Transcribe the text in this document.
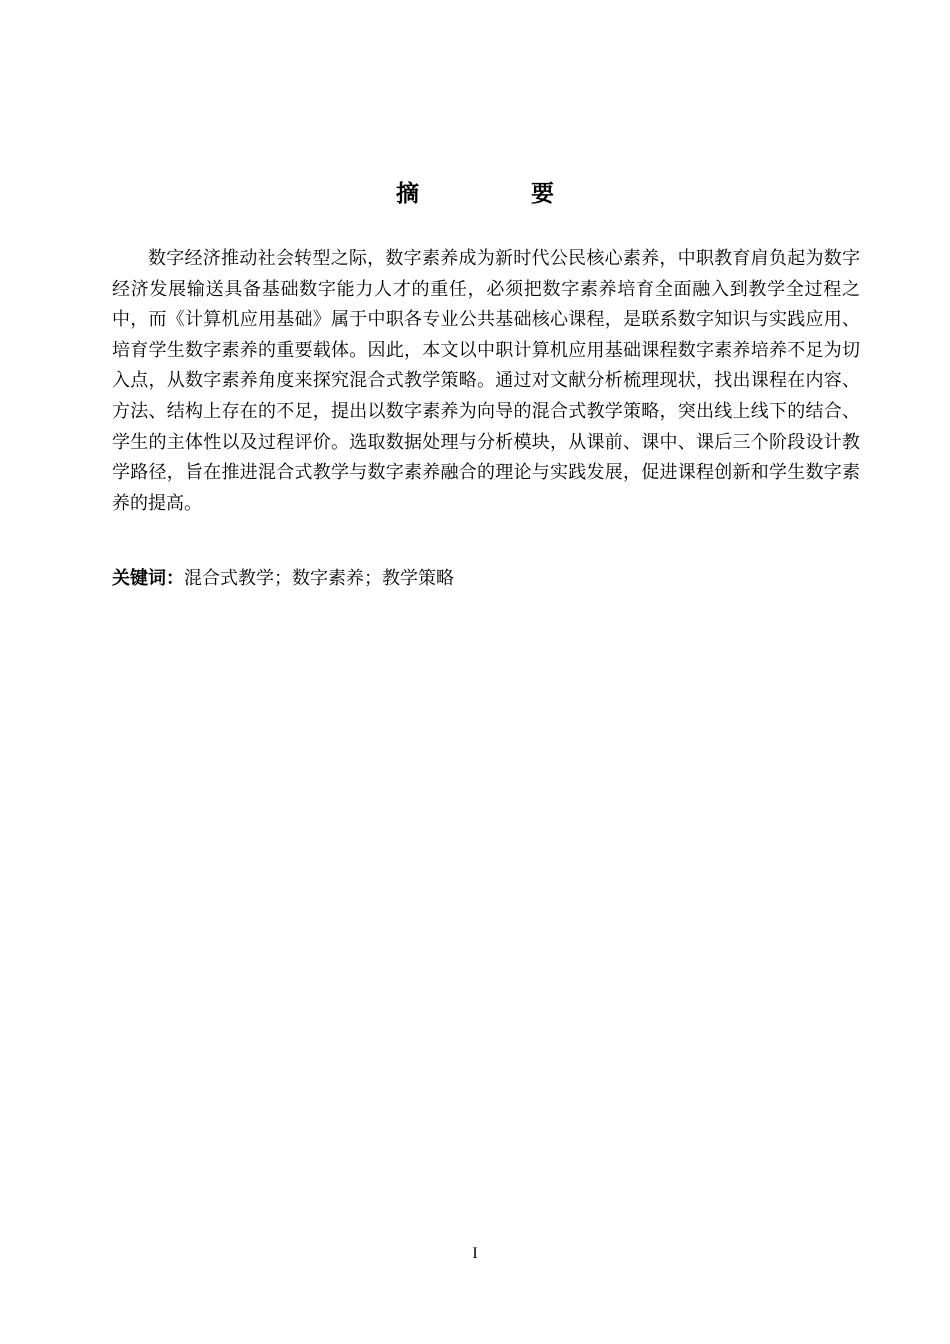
摘 要

数字经济推动社会转型之际，数字素养成为新时代公民核心素养，中职教育肩负起为数字经济发展输送具备基础数字能力人才的重任，必须把数字素养培育全面融入到教学全过程之中，而《计算机应用基础》属于中职各专业公共基础核心课程，是联系数字知识与实践应用、培育学生数字素养的重要载体。因此，本文以中职计算机应用基础课程数字素养培养不足为切入点，从数字素养角度来探究混合式教学策略。通过对文献分析梳理现状，找出课程在内容、方法、结构上存在的不足，提出以数字素养为向导的混合式教学策略，突出线上线下的结合、学生的主体性以及过程评价。选取数据处理与分析模块，从课前、课中、课后三个阶段设计教学路径，旨在推进混合式教学与数字素养融合的理论与实践发展，促进课程创新和学生数字素养的提高。

关键词：混合式教学；数字素养；教学策略
I
